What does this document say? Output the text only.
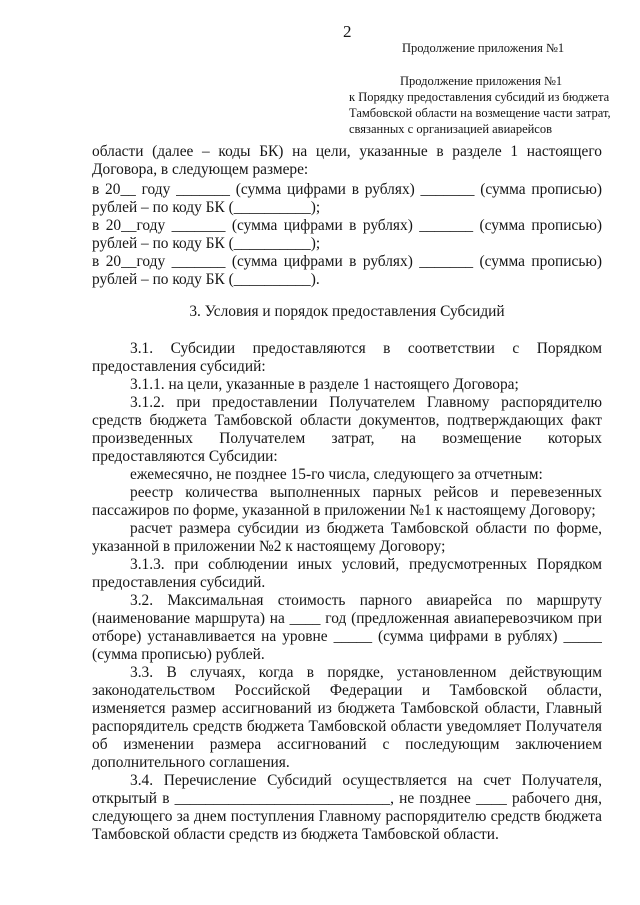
2
Продолжение приложения №1
Продолжение приложения №1
к Порядку предоставления субсидий из бюджета
Тамбовской области на возмещение части затрат,
связанных с организацией авиарейсов
области (далее – коды БК) на цели, указанные в разделе 1 настоящего
Договора, в следующем размере:
в 20__ году _______ (сумма цифрами в рублях) _______ (сумма прописью)
рублей – по коду БК (__________);
в 20__году _______ (сумма цифрами в рублях) _______ (сумма прописью)
рублей – по коду БК (__________);
в 20__году _______ (сумма цифрами в рублях) _______ (сумма прописью)
рублей – по коду БК (__________).
3. Условия и порядок предоставления Субсидий
3.1. Субсидии предоставляются в соответствии с Порядком
предоставления субсидий:
3.1.1. на цели, указанные в разделе 1 настоящего Договора;
3.1.2. при предоставлении Получателем Главному распорядителю
средств бюджета Тамбовской области документов, подтверждающих факт
произведенных Получателем затрат, на возмещение которых
предоставляются Субсидии:
ежемесячно, не позднее 15-го числа, следующего за отчетным:
реестр количества выполненных парных рейсов и перевезенных
пассажиров по форме, указанной в приложении №1 к настоящему Договору;
расчет размера субсидии из бюджета Тамбовской области по форме,
указанной в приложении №2 к настоящему Договору;
3.1.3. при соблюдении иных условий, предусмотренных Порядком
предоставления субсидий.
3.2. Максимальная стоимость парного авиарейса по маршруту
(наименование маршрута) на ____ год (предложенная авиаперевозчиком при
отборе) устанавливается на уровне _____ (сумма цифрами в рублях) _____
(сумма прописью) рублей.
3.3. В случаях, когда в порядке, установленном действующим
законодательством Российской Федерации и Тамбовской области,
изменяется размер ассигнований из бюджета Тамбовской области, Главный
распорядитель средств бюджета Тамбовской области уведомляет Получателя
об изменении размера ассигнований с последующим заключением
дополнительного соглашения.
3.4. Перечисление Субсидий осуществляется на счет Получателя,
открытый в ____________________________, не позднее ____ рабочего дня,
следующего за днем поступления Главному распорядителю средств бюджета
Тамбовской области средств из бюджета Тамбовской области.
